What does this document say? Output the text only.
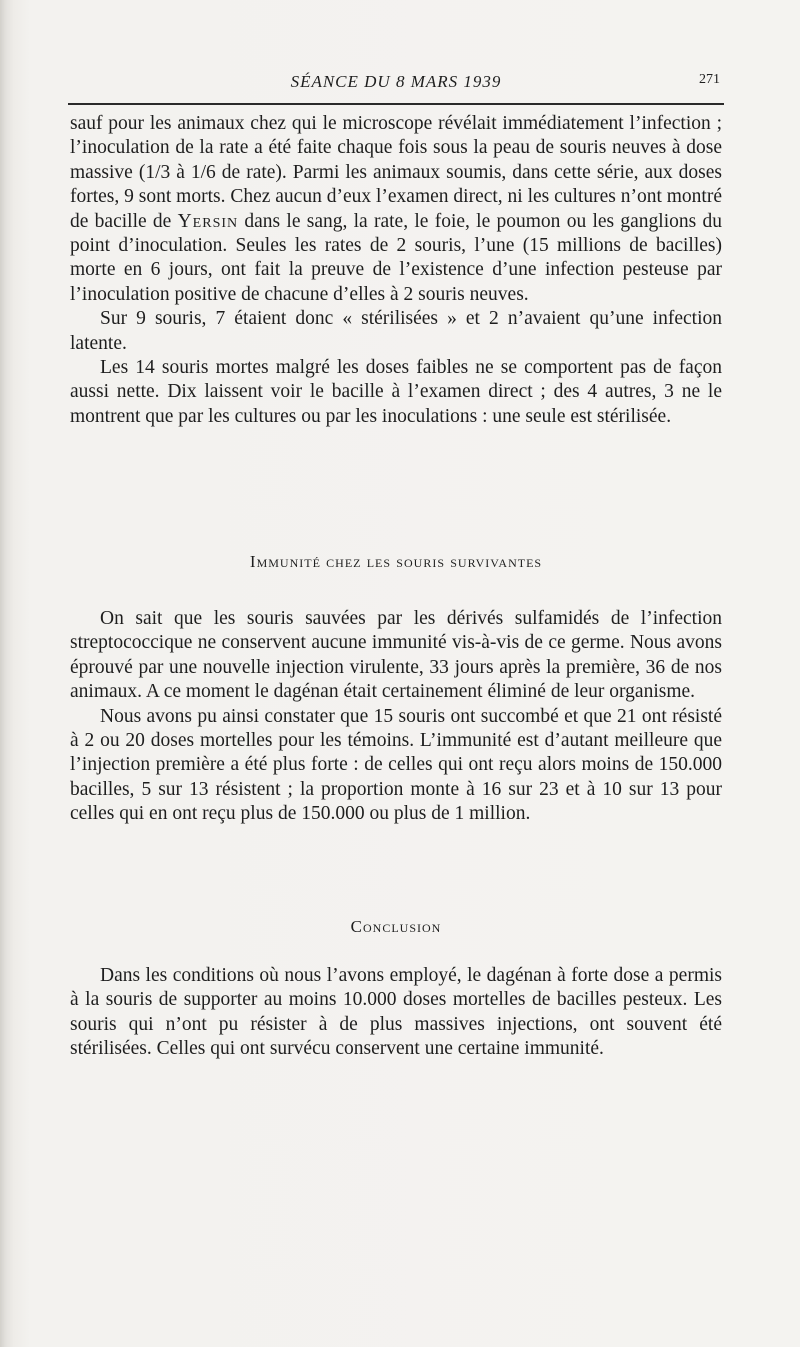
SÉANCE DU 8 MARS 1939	271

sauf pour les animaux chez qui le microscope révélait immédiatement l’infection ; l’inoculation de la rate a été faite chaque fois sous la peau de souris neuves à dose massive (1/3 à 1/6 de rate). Parmi les animaux soumis, dans cette série, aux doses fortes, 9 sont morts. Chez aucun d’eux l’examen direct, ni les cultures n’ont montré de bacille de Yersin dans le sang, la rate, le foie, le poumon ou les ganglions du point d’inoculation. Seules les rates de 2 souris, l’une (15 millions de bacilles) morte en 6 jours, ont fait la preuve de l’existence d’une infection pesteuse par l’inoculation positive de chacune d’elles à 2 souris neuves.

Sur 9 souris, 7 étaient donc « stérilisées » et 2 n’avaient qu’une infection latente.

Les 14 souris mortes malgré les doses faibles ne se comportent pas de façon aussi nette. Dix laissent voir le bacille à l’examen direct ; des 4 autres, 3 ne le montrent que par les cultures ou par les inoculations : une seule est stérilisée.

Immunité chez les souris survivantes

On sait que les souris sauvées par les dérivés sulfamidés de l’infection streptococcique ne conservent aucune immunité vis-à-vis de ce germe. Nous avons éprouvé par une nouvelle injection virulente, 33 jours après la première, 36 de nos animaux. A ce moment le dagénan était certainement éliminé de leur organisme.

Nous avons pu ainsi constater que 15 souris ont succombé et que 21 ont résisté à 2 ou 20 doses mortelles pour les témoins. L’immunité est d’autant meilleure que l’injection première a été plus forte : de celles qui ont reçu alors moins de 150.000 bacilles, 5 sur 13 résistent ; la proportion monte à 16 sur 23 et à 10 sur 13 pour celles qui en ont reçu plus de 150.000 ou plus de 1 million.

Conclusion

Dans les conditions où nous l’avons employé, le dagénan à forte dose a permis à la souris de supporter au moins 10.000 doses mortelles de bacilles pesteux. Les souris qui n’ont pu résister à de plus massives injections, ont souvent été stérilisées. Celles qui ont survécu conservent une certaine immunité.
